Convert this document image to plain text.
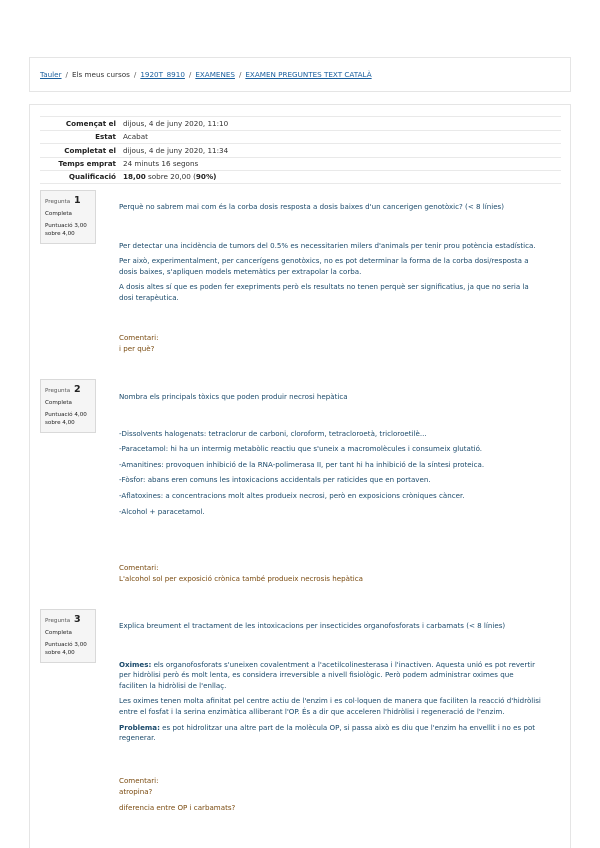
Tauler / Els meus cursos / 1920T_8910 / EXAMENES / EXAMEN PREGUNTES TEXT CATALÀ
Començat el dijous, 4 de juny 2020, 11:10
Estat Acabat
Completat el dijous, 4 de juny 2020, 11:34
Temps emprat 24 minuts 16 segons
Qualificació 18,00 sobre 20,00 (90%)
Pregunta 1
Completa
Puntuació 3,00
sobre 4,00

Perquè no sabrem mai com és la corba dosis resposta a dosis baixes d'un cancerigen genotòxic? (< 8 línies)

Per detectar una incidència de tumors del 0.5% es necessitarien milers d'animals per tenir prou potència estadística.

Per això, experimentalment, per cancerígens genotòxics, no es pot determinar la forma de la corba dosi/resposta a dosis baixes, s'apliquen models metemàtics per extrapolar la corba.

A dosis altes sí que es poden fer exepriments però els resultats no tenen perquè ser significatius, ja que no seria la dosi terapèutica.

Comentari:

i per què?

Pregunta 2
Completa
Puntuació 4,00
sobre 4,00

Nombra els principals tòxics que poden produir necrosi hepàtica

-Dissolvents halogenats: tetraclorur de carboni, cloroform, tetracloroetà, tricloroetilè...

-Paracetamol: hi ha un intermig metabòlic reactiu que s'uneix a macromolècules i consumeix glutatió.

-Amanitines: provoquen inhibició de la RNA-polimerasa II, per tant hi ha inhibició de la síntesi proteica.

-Fòsfor: abans eren comuns les intoxicacions accidentals per raticides que en portaven.

-Aflatoxines: a concentracions molt altes produeix necrosi, però en exposicions cròniques càncer.

-Alcohol + paracetamol.

Comentari:

L'alcohol sol per exposició crònica també produeix necrosis hepàtica

Pregunta 3
Completa
Puntuació 3,00
sobre 4,00

Explica breument el tractament de les intoxicacions per insecticides organofosforats i carbamats (< 8 línies)

Oximes: els organofosforats s'uneixen covalentment a l'acetilcolinesterasa i l'inactiven. Aquesta unió es pot revertir per hidròlisi però és molt lenta, es considera irreversible a nivell fisiològic. Però podem administrar oximes que faciliten la hidròlisi de l'enllaç.

Les oximes tenen molta afinitat pel centre actiu de l'enzim i es col·loquen de manera que faciliten la reacció d'hidròlisi entre el fosfat i la serina enzimàtica alliberant l'OP. És a dir que acceleren l'hidròlisi i regeneració de l'enzim.

Problema: es pot hidrolitzar una altre part de la molècula OP, si passa això es diu que l'enzim ha envellit i no es pot regenerar.

Comentari:

atropina?

diferencia entre OP i carbamats?
